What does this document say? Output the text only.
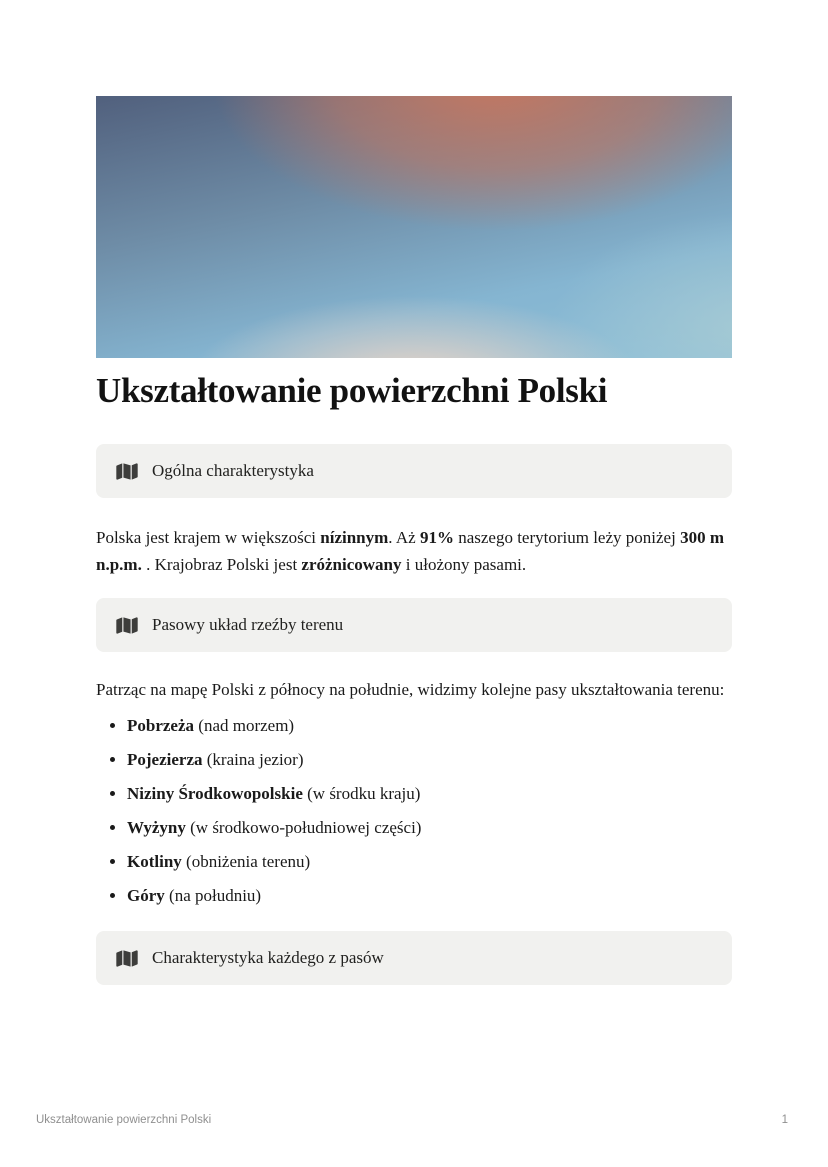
Ukształtowanie powierzchni Polski
Ogólna charakterystyka

Polska jest krajem w większości nízinnym. Aż 91% naszego terytorium leży poniżej 300 m n.p.m. . Krajobraz Polski jest zróżnicowany i ułożony pasami.

Pasowy układ rzeźby terenu

Patrząc na mapę Polski z północy na południe, widzimy kolejne pasy ukształtowania terenu:

• Pobrzeża (nad morzem)
• Pojezierza (kraina jezior)
• Niziny Środkowopolskie (w środku kraju)
• Wyżyny (w środkowo-południowej części)
• Kotliny (obniżenia terenu)
• Góry (na południu)
Charakterystyka każdego z pasów
Ukształtowanie powierzchni Polski	1
